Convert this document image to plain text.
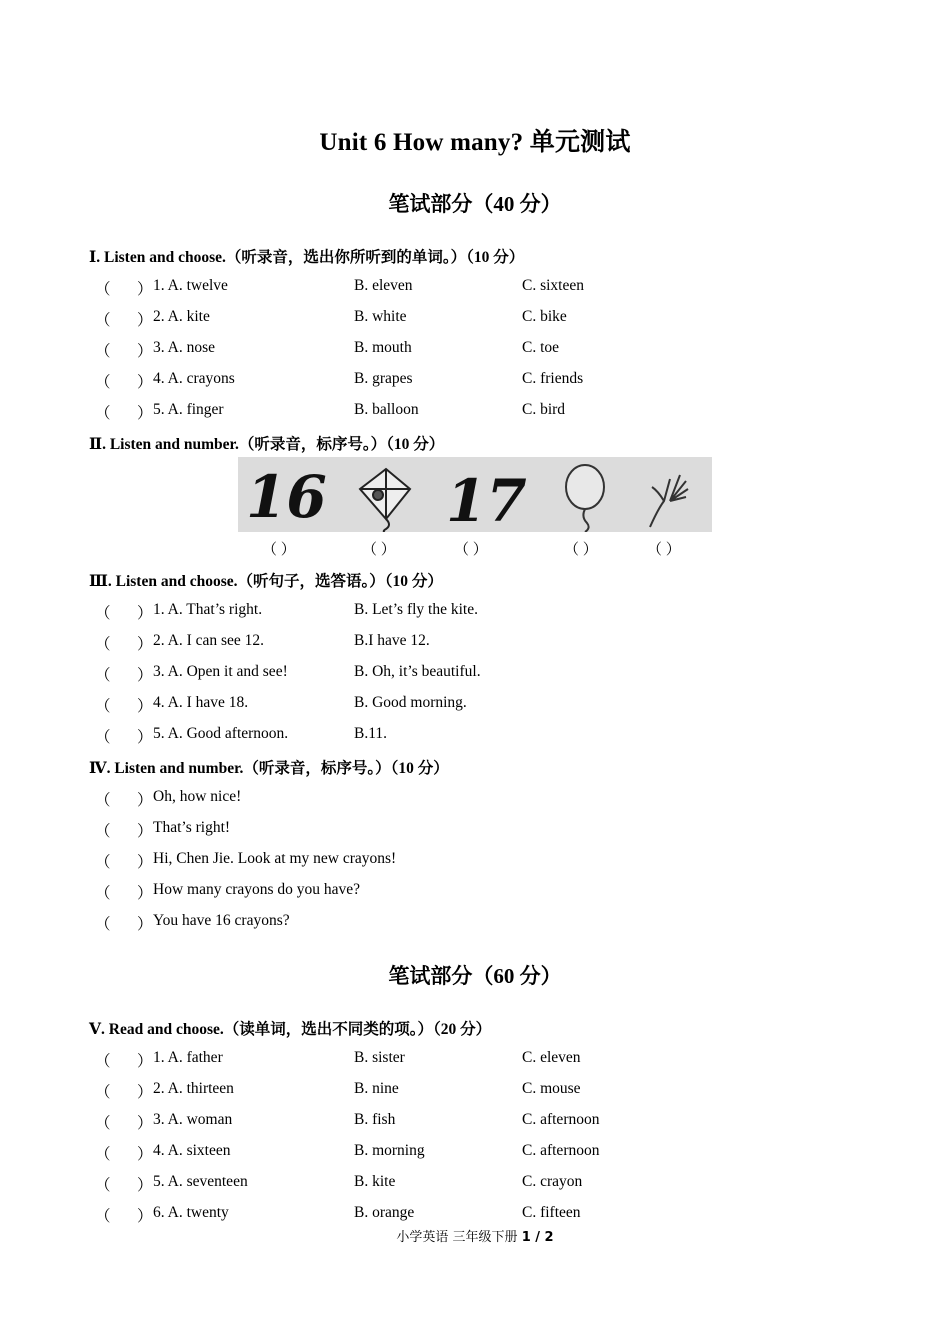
Unit 6 How many? 单元测试
笔试部分（40 分）
Ⅰ. Listen and choose.（听录音，选出你所听到的单词。）（10 分）
（ ） 1. A. twelve	B. eleven	C. sixteen
（ ） 2. A. kite	B. white	C. bike
（ ） 3. A. nose	B. mouth	C. toe
（ ） 4. A. crayons	B. grapes	C. friends
（ ） 5. A. finger	B. balloon	C. bird
Ⅱ. Listen and number.（听录音，标序号。）（10 分）
16 17
（ ）	（ ）	（ ）	（ ）	（ ）
Ⅲ. Listen and choose.（听句子，选答语。）（10 分）
（ ） 1. A. That’s right.	B. Let’s fly the kite.
（ ） 2. A. I can see 12.	B.I have 12.
（ ） 3. A. Open it and see!	B. Oh, it’s beautiful.
（ ） 4. A. I have 18.	B. Good morning.
（ ） 5. A. Good afternoon.	B.11.
Ⅳ. Listen and number.（听录音，标序号。）（10 分）
（ ） Oh, how nice!
（ ） That’s right!
（ ） Hi, Chen Jie. Look at my new crayons!
（ ） How many crayons do you have?
（ ） You have 16 crayons?
笔试部分（60 分）
Ⅴ. Read and choose.（读单词，选出不同类的项。）（20 分）
（ ） 1. A. father	B. sister	C. eleven
（ ） 2. A. thirteen	B. nine	C. mouse
（ ） 3. A. woman	B. fish	C. afternoon
（ ） 4. A. sixteen	B. morning	C. afternoon
（ ） 5. A. seventeen	B. kite	C. crayon
（ ） 6. A. twenty	B. orange	C. fifteen
小学英语 三年级下册 1 / 2
